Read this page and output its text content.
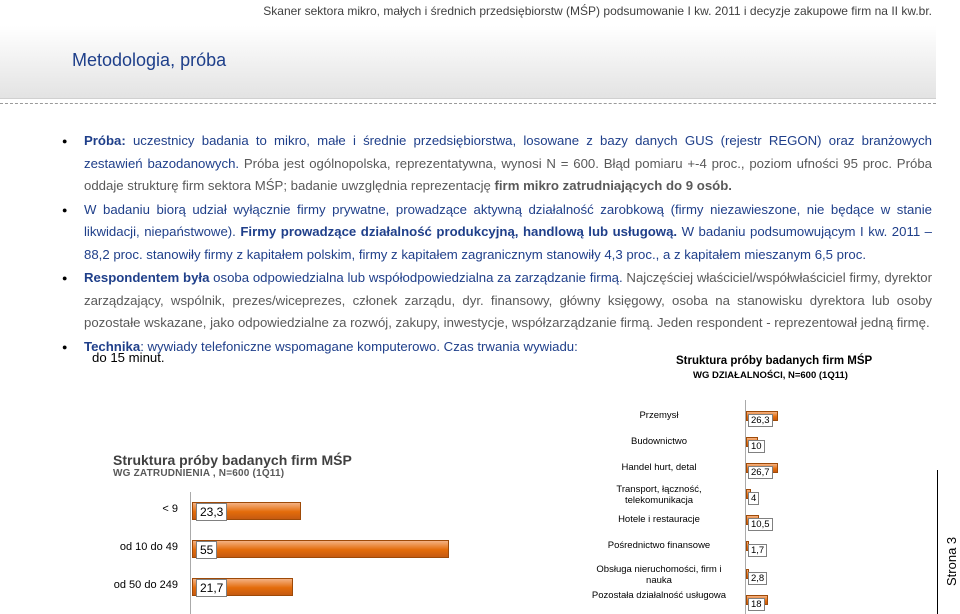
Skaner sektora mikro, małych i średnich przedsiębiorstw (MŚP) podsumowanie I kw. 2011 i decyzje zakupowe firm na II kw.br.
Metodologia, próba
● Próba: uczestnicy badania to mikro, małe i średnie przedsiębiorstwa, losowane z bazy danych GUS (rejestr REGON) oraz branżowych zestawień bazodanowych. Próba jest ogólnopolska, reprezentatywna, wynosi N = 600. Błąd pomiaru +-4 proc., poziom ufności 95 proc. Próba oddaje strukturę firm sektora MŚP; badanie uwzględnia reprezentację firm mikro zatrudniających do 9 osób.
● W badaniu biorą udział wyłącznie firmy prywatne, prowadzące aktywną działalność zarobkową (firmy niezawieszone, nie będące w stanie likwidacji, niepaństwowe). Firmy prowadzące działalność produkcyjną, handlową lub usługową. W badaniu podsumowującym I kw. 2011 – 88,2 proc. stanowiły firmy z kapitałem polskim, firmy z kapitałem zagranicznym stanowiły 4,3 proc., a z kapitałem mieszanym 6,5 proc.
● Respondentem była osoba odpowiedzialna lub współodpowiedzialna za zarządzanie firmą. Najczęściej właściciel/współwłaściciel firmy, dyrektor zarządzający, wspólnik, prezes/wiceprezes, członek zarządu, dyr. finansowy, główny księgowy, osoba na stanowisku dyrektora lub osoby pozostałe wskazane, jako odpowiedzialne za rozwój, zakupy, inwestycje, współzarządzanie firmą. Jeden respondent - reprezentował jedną firmę.
● Technika: wywiady telefoniczne wspomagane komputerowo. Czas trwania wywiadu:
do 15 minut.
Struktura próby badanych firm MŚP
WG ZATRUDNIENIA , N=600 (1Q11)
< 9	23,3
od 10 do 49	55
od 50 do 249	21,7
Struktura próby badanych firm MŚP
WG DZIAŁALNOŚCI, N=600 (1Q11)
Przemysł	26,3
Budownictwo	10
Handel hurt, detal	26,7
Transport, łączność, telekomunikacja	4
Hotele i restauracje	10,5
Pośrednictwo finansowe	1,7
Obsługa nieruchomości, firm i nauka	2,8
Pozostała działalność usługowa
18
Strona 3
